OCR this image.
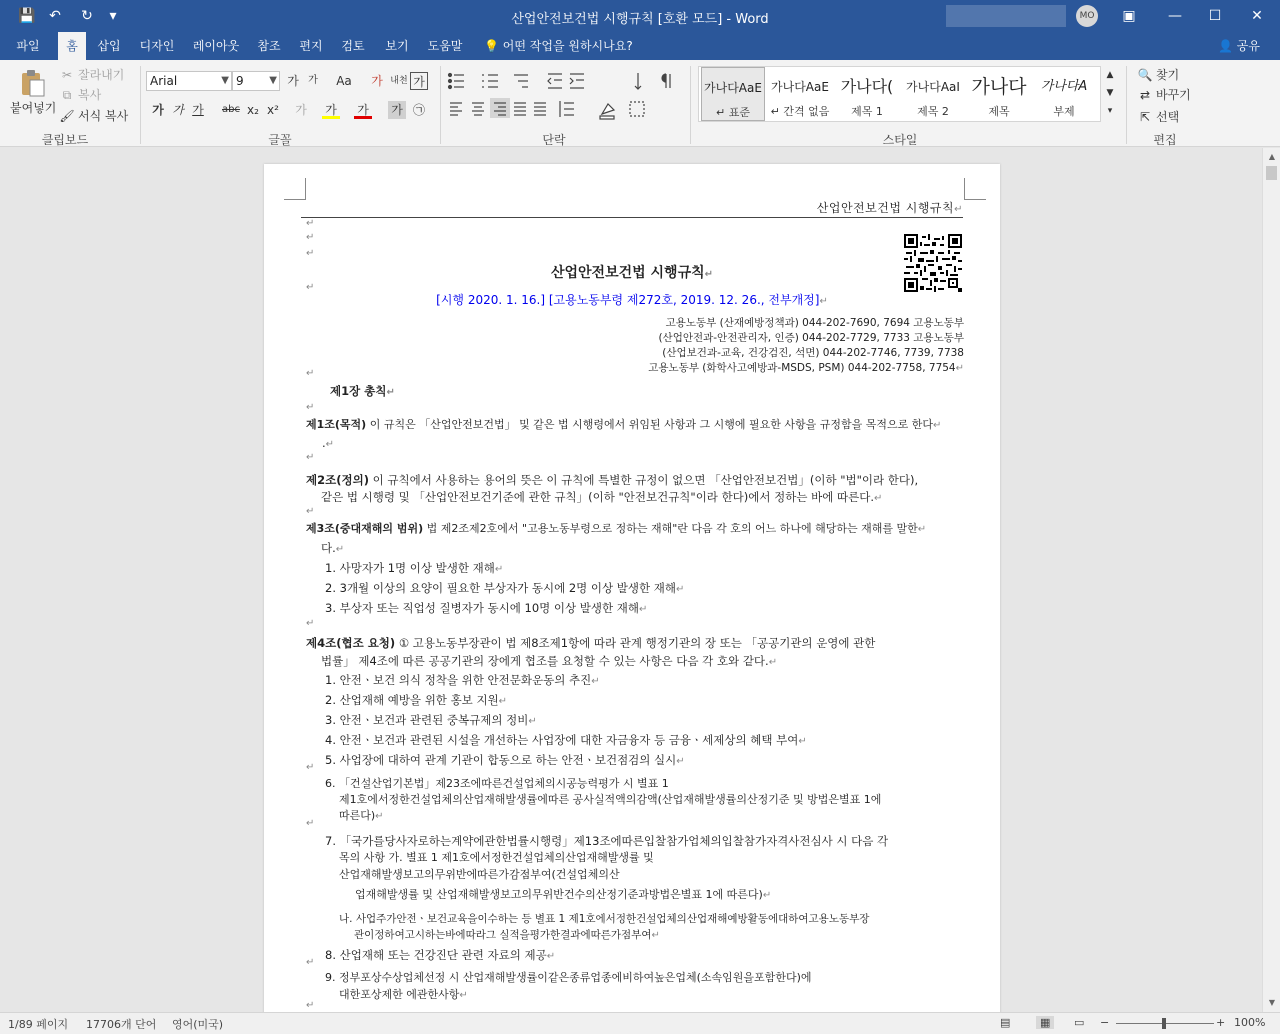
💾 ↶ ↻	▾	산업안전보건법 시행규칙 [호환 모드] - Word	MO	▣	—	☐	✕
파일	홈	삽입	디자인	레이아웃	참조	편지	검토	보기	도움말	💡 어떤 작업을 원하시나요?	👤 공유
붙여넣기
✂ 잘라내기
⧉ 복사
🖌 서식 복사
클립보드
Arial	▼ 9	▼ 가 가	Aa	가 내천 가
가 가 가	abc x₂ x² 가 가 가 가 ㉠
글꼴	단락	스타일
🔍 찾기
⇄ 바꾸기
⇱ 선택
편집
가나다AaE
↵ 표준
가나다AaE
↵ 간격 없음
가나다(
제목 1
가나다AaI
제목 2
가나다
제목
가나다A
부제
▲
▼
▾
산업안전보건법 시행규칙↵
↵
↵
↵
↵
산업안전보건법 시행규칙↵
[시행 2020. 1. 16.] [고용노동부령 제272호, 2019. 12. 26., 전부개정]↵
고용노동부 (산재예방정책과) 044-202-7690, 7694 고용노동부
(산업안전과-안전관리자, 인증) 044-202-7729, 7733 고용노동부
(산업보건과-교육, 건강검진, 석면) 044-202-7746, 7739, 7738
고용노동부 (화학사고예방과-MSDS, PSM) 044-202-7758, 7754↵
↵
제1장 총칙↵
↵
제1조(목적) 이 규칙은 「산업안전보건법」 및 같은 법 시행령에서 위임된 사항과 그 시행에 필요한 사항을 규정함을 목적으로 한다↵
.↵
↵
제2조(정의) 이 규칙에서 사용하는 용어의 뜻은 이 규칙에 특별한 규정이 없으면 「산업안전보건법」(이하 "법"이라 한다),
같은 법 시행령 및 「산업안전보건기준에 관한 규칙」(이하 "안전보건규칙"이라 한다)에서 정하는 바에 따른다.↵
↵
제3조(중대재해의 범위) 법 제2조제2호에서 "고용노동부령으로 정하는 재해"란 다음 각 호의 어느 하나에 해당하는 재해를 말한↵
다.↵
1. 사망자가 1명 이상 발생한 재해↵
2. 3개월 이상의 요양이 필요한 부상자가 동시에 2명 이상 발생한 재해↵
3. 부상자 또는 직업성 질병자가 동시에 10명 이상 발생한 재해↵
↵
제4조(협조 요청) ① 고용노동부장관이 법 제8조제1항에 따라 관계 행정기관의 장 또는 「공공기관의 운영에 관한
법률」 제4조에 따른 공공기관의 장에게 협조를 요청할 수 있는 사항은 다음 각 호와 같다.↵
1. 안전ㆍ보건 의식 정착을 위한 안전문화운동의 추진↵
2. 산업재해 예방을 위한 홍보 지원↵
3. 안전ㆍ보건과 관련된 중복규제의 정비↵
4. 안전ㆍ보건과 관련된 시설을 개선하는 사업장에 대한 자금융자 등 금융ㆍ세제상의 혜택 부여↵
5. 사업장에 대하여 관계 기관이 합동으로 하는 안전ㆍ보건점검의 실시↵
↵
6. 「건설산업기본법」제23조에따른건설업체의시공능력평가 시 별표 1
제1호에서정한건설업체의산업재해발생률에따른 공사실적액의감액(산업재해발생률의산정기준 및 방법은별표 1에
따른다)↵
↵
7. 「국가를당사자로하는계약에관한법률시행령」제13조에따른입찰참가업체의입찰참가자격사전심사 시 다음 각
목의 사항 가. 별표 1 제1호에서정한건설업체의산업재해발생률 및
산업재해발생보고의무위반에따른가감점부여(건설업체의산
업재해발생률 및 산업재해발생보고의무위반건수의산정기준과방법은별표 1에 따른다)↵
나. 사업주가안전ㆍ보건교육을이수하는 등 별표 1 제1호에서정한건설업체의산업재해예방활동에대하여고용노동부장
관이정하여고시하는바에따라그 실적을평가한결과에따른가점부여↵
8. 산업재해 또는 건강진단 관련 자료의 제공↵
↵
9. 정부포상수상업체선정 시 산업재해발생률이같은종류업종에비하여높은업체(소속임원을포함한다)에
대한포상제한 에관한사항↵
↵
▲
▼
1/89 페이지 17706개 단어 영어(미국)	▤	▦	▭ −	+ 100%
